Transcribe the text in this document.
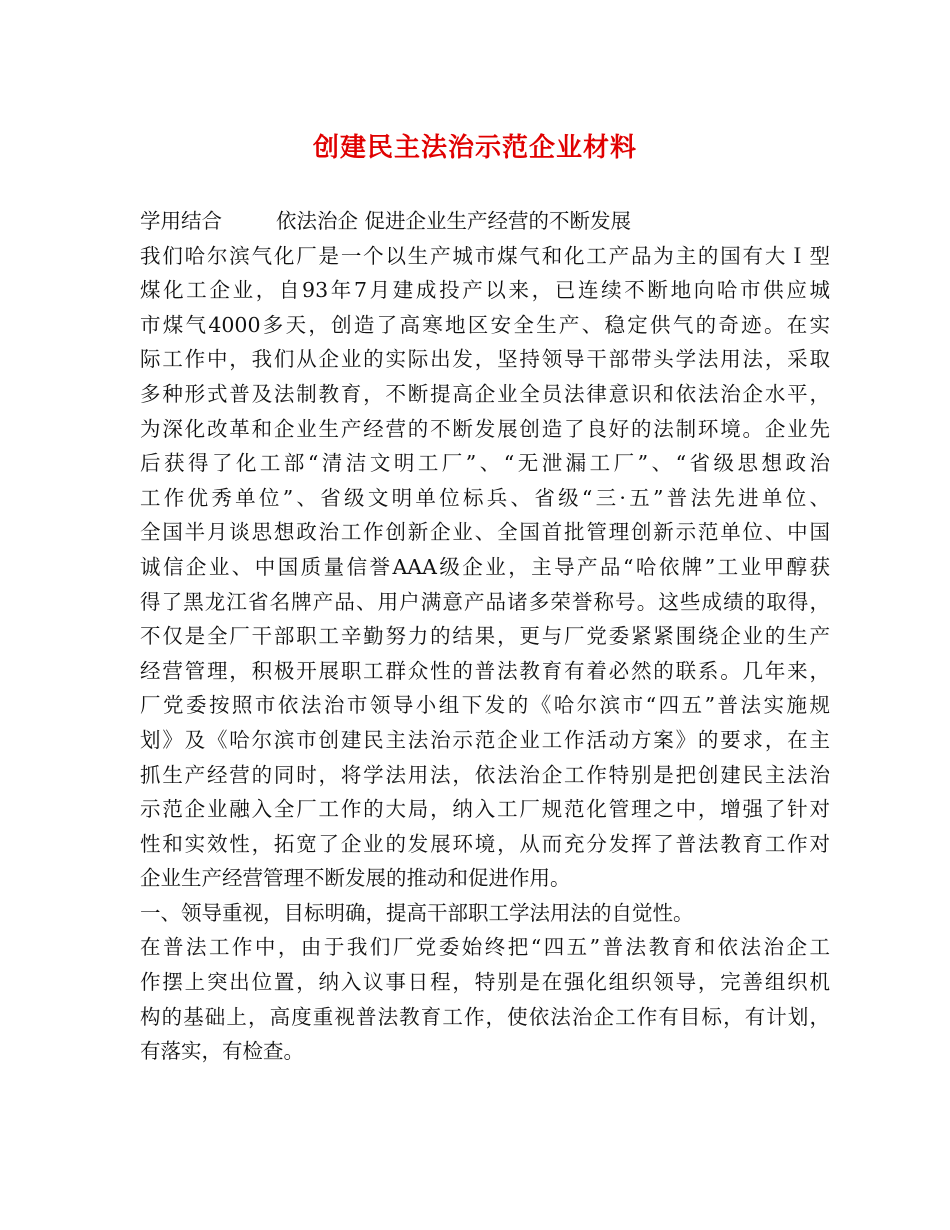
创建民主法治示范企业材料
学用结合	依法治企 促进企业生产经营的不断发展
我们哈尔滨气化厂是一个以生产城市煤气和化工产品为主的国有大Ｉ型
煤化工企业，自93年7月建成投产以来，已连续不断地向哈市供应城
市煤气4000多天，创造了高寒地区安全生产、稳定供气的奇迹。在实
际工作中，我们从企业的实际出发，坚持领导干部带头学法用法，采取
多种形式普及法制教育，不断提高企业全员法律意识和依法治企水平，
为深化改革和企业生产经营的不断发展创造了良好的法制环境。企业先
后获得了化工部“清洁文明工厂”、“无泄漏工厂”、“省级思想政治
工作优秀单位”、省级文明单位标兵、省级“三·五”普法先进单位、
全国半月谈思想政治工作创新企业、全国首批管理创新示范单位、中国
诚信企业、中国质量信誉AAA级企业，主导产品“哈依牌”工业甲醇获
得了黑龙江省名牌产品、用户满意产品诸多荣誉称号。这些成绩的取得，
不仅是全厂干部职工辛勤努力的结果，更与厂党委紧紧围绕企业的生产
经营管理，积极开展职工群众性的普法教育有着必然的联系。几年来，
厂党委按照市依法治市领导小组下发的《哈尔滨市“四五”普法实施规
划》及《哈尔滨市创建民主法治示范企业工作活动方案》的要求，在主
抓生产经营的同时，将学法用法，依法治企工作特别是把创建民主法治
示范企业融入全厂工作的大局，纳入工厂规范化管理之中，增强了针对
性和实效性，拓宽了企业的发展环境，从而充分发挥了普法教育工作对
企业生产经营管理不断发展的推动和促进作用。
一、领导重视，目标明确，提高干部职工学法用法的自觉性。
在普法工作中，由于我们厂党委始终把“四五”普法教育和依法治企工
作摆上突出位置，纳入议事日程，特别是在强化组织领导，完善组织机
构的基础上，高度重视普法教育工作，使依法治企工作有目标，有计划，
有落实，有检查。
